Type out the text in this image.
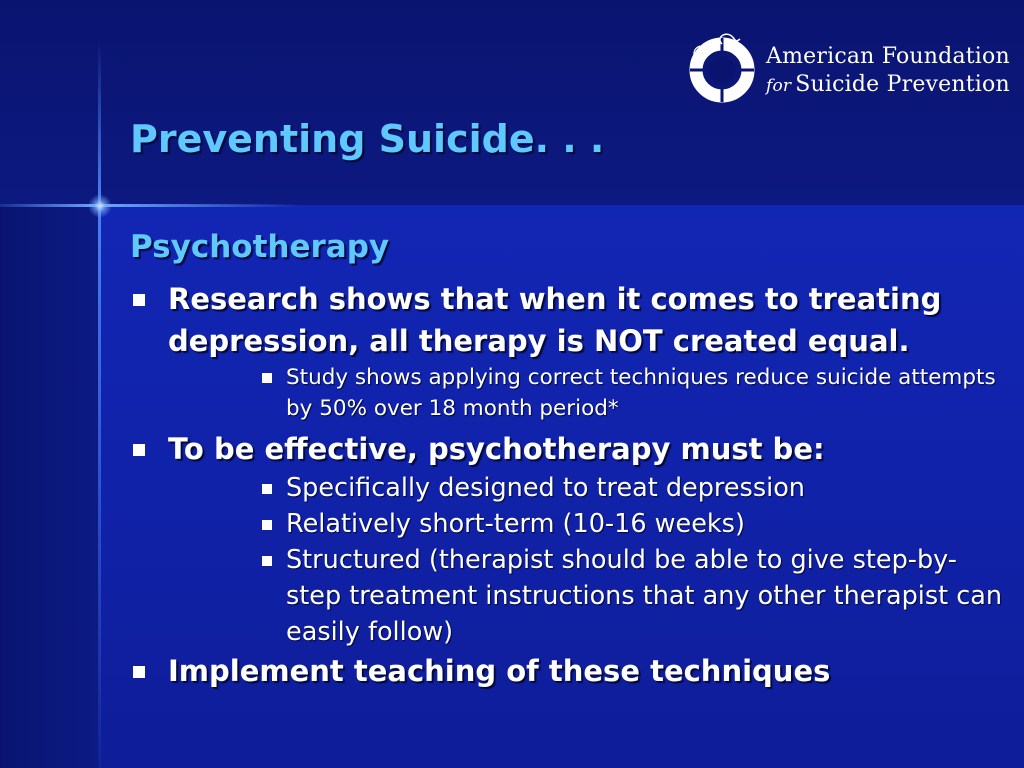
American Foundation
for Suicide Prevention
Preventing Suicide. . .
Psychotherapy
Research shows that when it comes to treating depression, all therapy is NOT created equal.
Study shows applying correct techniques reduce suicide attempts by 50% over 18 month period*
To be effective, psychotherapy must be:
Specifically designed to treat depression
Relatively short-term (10-16 weeks)
Structured (therapist should be able to give step-by-step treatment instructions that any other therapist can easily follow)
Implement teaching of these techniques
